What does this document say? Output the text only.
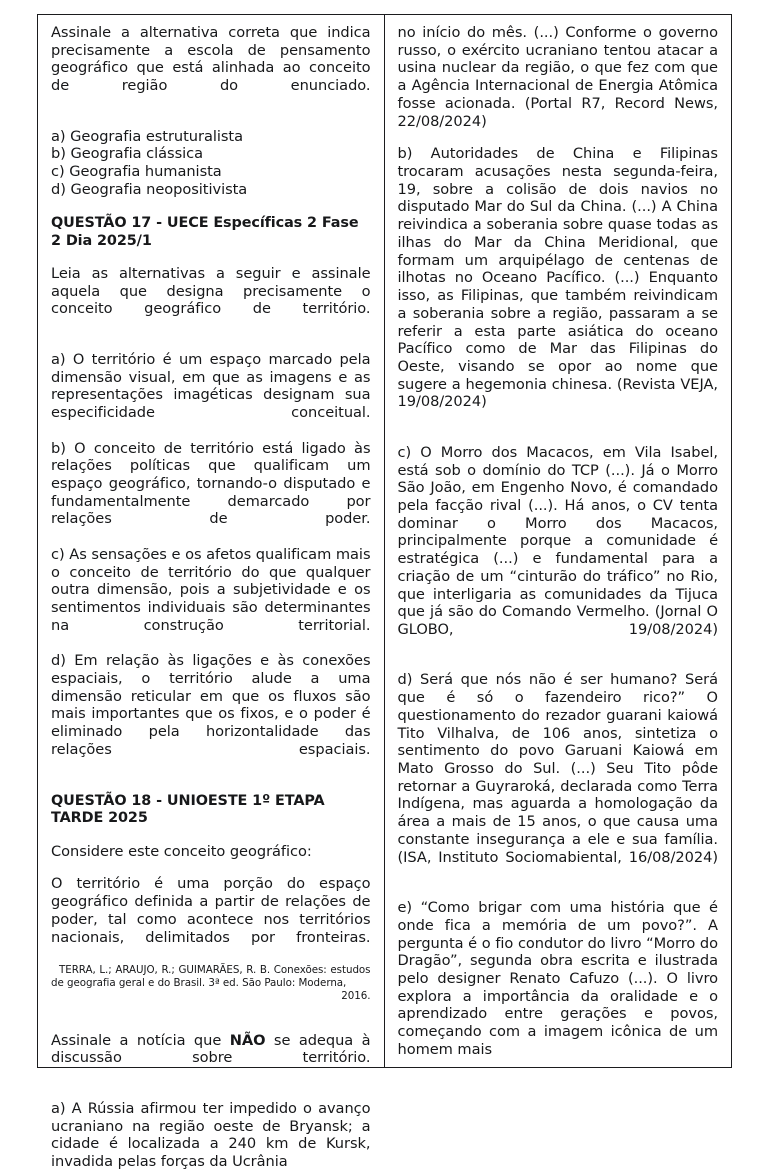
Assinale a alternativa correta que indica precisamente a escola de pensamento geográfico que está alinhada ao conceito de região do enunciado.

a) Geografia estruturalista

b) Geografia clássica

c) Geografia humanista

d) Geografia neopositivista

QUESTÃO 17 - UECE Específicas 2 Fase 2 Dia 2025/1

Leia as alternativas a seguir e assinale aquela que designa precisamente o conceito geográfico de território.

a) O território é um espaço marcado pela dimensão visual, em que as imagens e as representações imagéticas designam sua especificidade conceitual.

b) O conceito de território está ligado às relações políticas que qualificam um espaço geográfico, tornando-o disputado e fundamentalmente demarcado por relações de poder.

c) As sensações e os afetos qualificam mais o conceito de território do que qualquer outra dimensão, pois a subjetividade e os sentimentos individuais são determinantes na construção territorial.

d) Em relação às ligações e às conexões espaciais, o território alude a uma dimensão reticular em que os fluxos são mais importantes que os fixos, e o poder é eliminado pela horizontalidade das relações espaciais.

QUESTÃO 18 - UNIOESTE 1º ETAPA TARDE 2025

Considere este conceito geográfico:

O território é uma porção do espaço geográfico definida a partir de relações de poder, tal como acontece nos territórios nacionais, delimitados por fronteiras.

TERRA, L.; ARAUJO, R.; GUIMARÃES, R. B. Conexões: estudos de geografia geral e do Brasil. 3ª ed. São Paulo: Moderna,
2016.

Assinale a notícia que NÃO se adequa à discussão sobre território.

a) A Rússia afirmou ter impedido o avanço ucraniano na região oeste de Bryansk; a cidade é localizada a 240 km de Kursk, invadida pelas forças da Ucrânia

no início do mês. (...) Conforme o governo russo, o exército ucraniano tentou atacar a usina nuclear da região, o que fez com que a Agência Internacional de Energia Atômica fosse acionada. (Portal R7, Record News, 22/08/2024)

b) Autoridades de China e Filipinas trocaram acusações nesta segunda-feira, 19, sobre a colisão de dois navios no disputado Mar do Sul da China. (...) A China reivindica a soberania sobre quase todas as ilhas do Mar da China Meridional, que formam um arquipélago de centenas de ilhotas no Oceano Pacífico. (...) Enquanto isso, as Filipinas, que também reivindicam a soberania sobre a região, passaram a se referir a esta parte asiática do oceano Pacífico como de Mar das Filipinas do Oeste, visando se opor ao nome que sugere a hegemonia chinesa. (Revista VEJA, 19/08/2024)

c) O Morro dos Macacos, em Vila Isabel, está sob o domínio do TCP (...). Já o Morro São João, em Engenho Novo, é comandado pela facção rival (...). Há anos, o CV tenta dominar o Morro dos Macacos, principalmente porque a comunidade é estratégica (...) e fundamental para a criação de um “cinturão do tráfico” no Rio, que interligaria as comunidades da Tijuca que já são do Comando Vermelho. (Jornal O GLOBO, 19/08/2024)

d) Será que nós não é ser humano? Será que é só o fazendeiro rico?” O questionamento do rezador guarani kaiowá Tito Vilhalva, de 106 anos, sintetiza o sentimento do povo Garuani Kaiowá em Mato Grosso do Sul. (...) Seu Tito pôde retornar a Guyraroká, declarada como Terra Indígena, mas aguarda a homologação da área a mais de 15 anos, o que causa uma constante insegurança a ele e sua família. (ISA, Instituto Sociomabiental, 16/08/2024)

e) “Como brigar com uma história que é onde fica a memória de um povo?”. A pergunta é o fio condutor do livro “Morro do Dragão”, segunda obra escrita e ilustrada pelo designer Renato Cafuzo (...). O livro explora a importância da oralidade e o aprendizado entre gerações e povos, começando com a imagem icônica de um homem mais
